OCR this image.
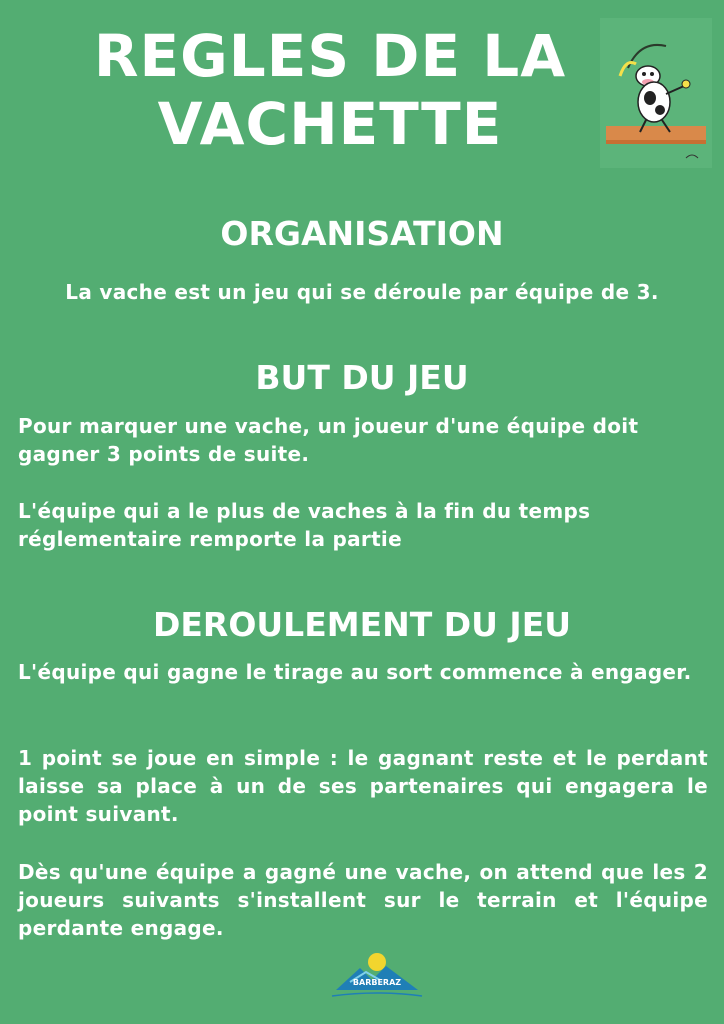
REGLES DE LA
VACHETTE
ORGANISATION

La vache est un jeu qui se déroule par équipe de 3.

BUT DU JEU

Pour marquer une vache, un joueur d'une équipe doit gagner 3 points de suite.

L'équipe qui a le plus de vaches à la fin du temps réglementaire remporte la partie

DEROULEMENT DU JEU

L'équipe qui gagne le tirage au sort commence à engager.

1 point se joue en simple : le gagnant reste et le perdant laisse sa place à un de ses partenaires qui engagera le point suivant.

Dès qu'une équipe a gagné une vache, on attend que les 2 joueurs suivants s'installent sur le terrain et l'équipe perdante engage.

BARBERAZ
